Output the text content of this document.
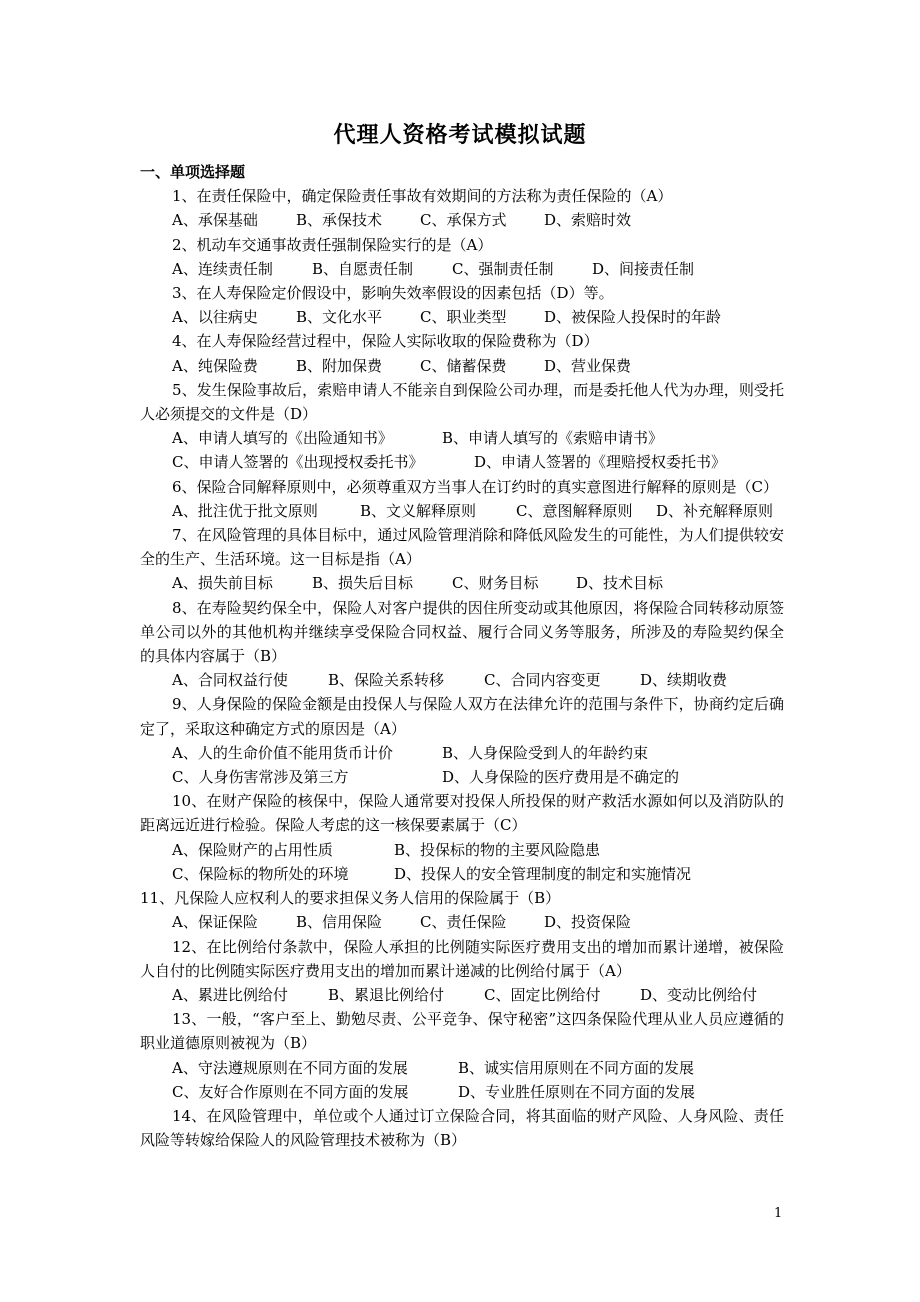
代理人资格考试模拟试题
一、单项选择题
1、在责任保险中，确定保险责任事故有效期间的方法称为责任保险的（A）
A、承保基础	B、承保技术	C、承保方式	D、索赔时效
2、机动车交通事故责任强制保险实行的是（A）
A、连续责任制	B、自愿责任制	C、强制责任制	D、间接责任制
3、在人寿保险定价假设中，影响失效率假设的因素包括（D）等。
A、以往病史	B、文化水平	C、职业类型	D、被保险人投保时的年龄
4、在人寿保险经营过程中，保险人实际收取的保险费称为（D）
A、纯保险费	B、附加保费	C、储蓄保费	D、营业保费
5、发生保险事故后，索赔申请人不能亲自到保险公司办理，而是委托他人代为办理，则受托人必须提交的文件是（D）
A、申请人填写的《出险通知书》	B、申请人填写的《索赔申请书》
C、申请人签署的《出现授权委托书》	D、申请人签署的《理赔授权委托书》
6、保险合同解释原则中，必须尊重双方当事人在订约时的真实意图进行解释的原则是（C）
A、批注优于批文原则	B、文义解释原则	C、意图解释原则 D、补充解释原则
7、在风险管理的具体目标中，通过风险管理消除和降低风险发生的可能性，为人们提供较安全的生产、生活环境。这一目标是指（A）
A、损失前目标	B、损失后目标	C、财务目标	D、技术目标
8、在寿险契约保全中，保险人对客户提供的因住所变动或其他原因，将保险合同转移动原签单公司以外的其他机构并继续享受保险合同权益、履行合同义务等服务，所涉及的寿险契约保全的具体内容属于（B）
A、合同权益行使	B、保险关系转移	C、合同内容变更	D、续期收费
9、人身保险的保险金额是由投保人与保险人双方在法律允许的范围与条件下，协商约定后确定了，采取这种确定方式的原因是（A）
A、人的生命价值不能用货币计价	B、人身保险受到人的年龄约束
C、人身伤害常涉及第三方	D、人身保险的医疗费用是不确定的
10、在财产保险的核保中，保险人通常要对投保人所投保的财产救活水源如何以及消防队的距离远近进行检验。保险人考虑的这一核保要素属于（C）
A、保险财产的占用性质	B、投保标的物的主要风险隐患
C、保险标的物所处的环境	D、投保人的安全管理制度的制定和实施情况
11、凡保险人应权利人的要求担保义务人信用的保险属于（B）
A、保证保险	B、信用保险	C、责任保险	D、投资保险
12、在比例给付条款中，保险人承担的比例随实际医疗费用支出的增加而累计递增，被保险人自付的比例随实际医疗费用支出的增加而累计递减的比例给付属于（A）
A、累进比例给付	B、累退比例给付	C、固定比例给付	D、变动比例给付
13、一般，“客户至上、勤勉尽责、公平竞争、保守秘密”这四条保险代理从业人员应遵循的职业道德原则被视为（B）
A、守法遵规原则在不同方面的发展	B、诚实信用原则在不同方面的发展
C、友好合作原则在不同方面的发展	D、专业胜任原则在不同方面的发展
14、在风险管理中，单位或个人通过订立保险合同，将其面临的财产风险、人身风险、责任风险等转嫁给保险人的风险管理技术被称为（B）
1
